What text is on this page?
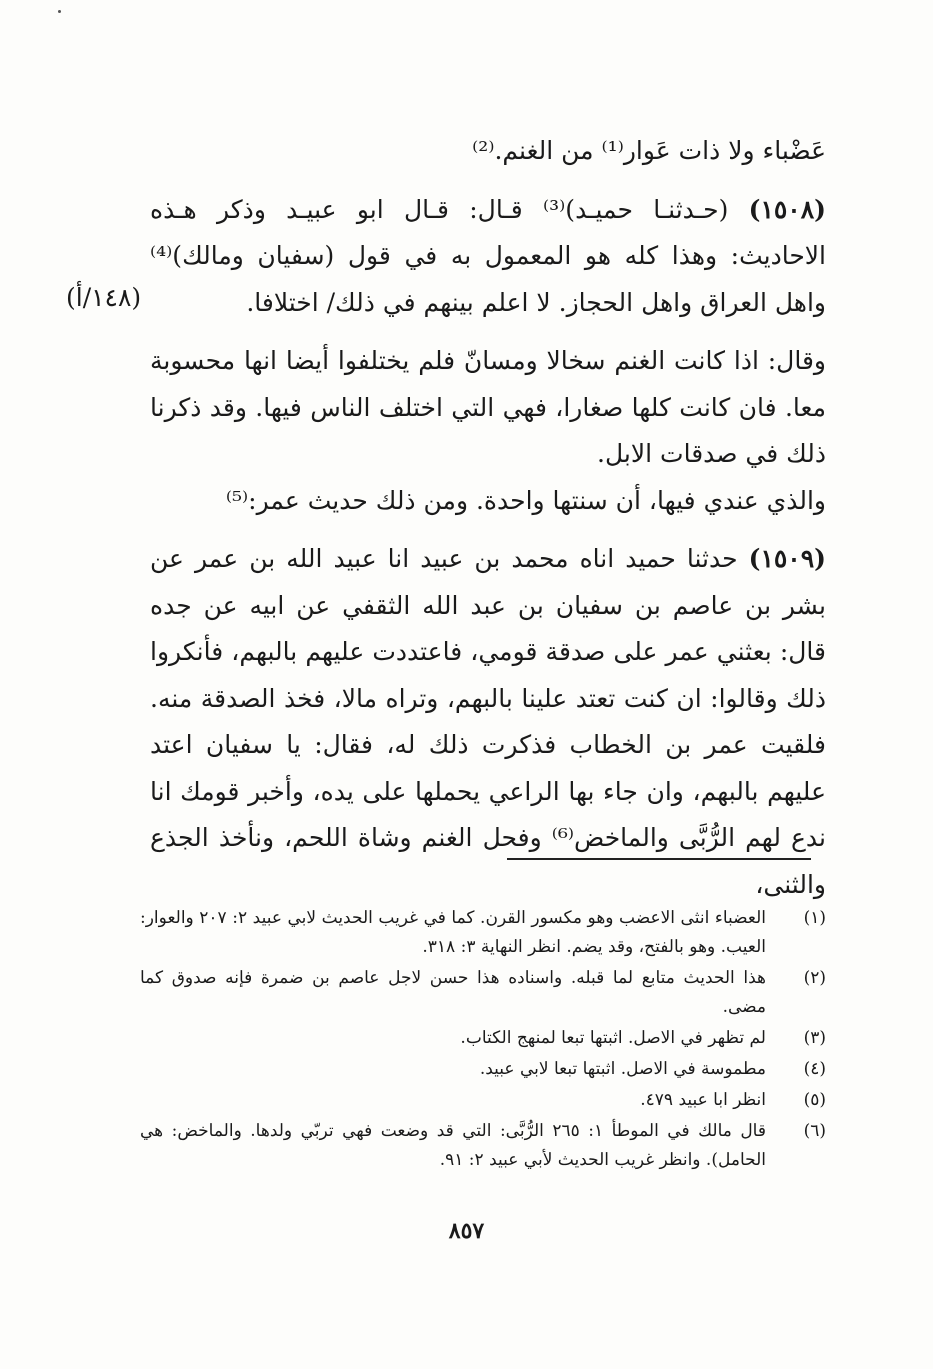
عَضْباء ولا ذات عَوار⁽¹⁾ من الغنم.⁽²⁾

(١٥٠٨) (حـدثنـا حميـد)⁽³⁾ قـال: قـال ابو عبيـد وذكر هـذه الاحاديث: وهذا كله هو المعمول به في قول (سفيان ومالك)⁽⁴⁾ واهل العراق واهل الحجاز. لا اعلم بينهم في ذلك/ اختلافا.

وقال: اذا كانت الغنم سخالا ومسانّ فلم يختلفوا أيضا انها محسوبة معا. فان كانت كلها صغارا، فهي التي اختلف الناس فيها. وقد ذكرنا ذلك في صدقات الابل.

والذي عندي فيها، أن سنتها واحدة. ومن ذلك حديث عمر:⁽⁵⁾

(١٥٠٩) حدثنا حميد اناه محمد بن عبيد انا عبيد الله بن عمر عن بشر بن عاصم بن سفيان بن عبد الله الثقفي عن ابيه عن جده قال: بعثني عمر على صدقة قومي، فاعتددت عليهم بالبهم، فأنكروا ذلك وقالوا: ان كنت تعتد علينا بالبهم، وتراه مالا، فخذ الصدقة منه. فلقيت عمر بن الخطاب فذكرت ذلك له، فقال: يا سفيان اعتد عليهم بالبهم، وان جاء بها الراعي يحملها على يده، وأخبر قومك انا ندع لهم الرُّبَّى والماخض⁽⁶⁾ وفحل الغنم وشاة اللحم، ونأخذ الجذع والثنى،

(١٤٨/أ)
(١)
العضباء انثى الاعضب وهو مكسور القرن. كما في غريب الحديث لابي عبيد ٢: ٢٠٧ والعوار: العيب. وهو بالفتح، وقد يضم. انظر النهاية ٣: ٣١٨.
(٢)
هذا الحديث متابع لما قبله. واسناده هذا حسن لاجل عاصم بن ضمرة فإنه صدوق كما مضى.
(٣)
لم تظهر في الاصل. اثبتها تبعا لمنهج الكتاب.
(٤)
مطموسة في الاصل. اثبتها تبعا لابي عبيد.
(٥)
انظر ابا عبيد ٤٧٩.
(٦)
قال مالك في الموطأ ١: ٢٦٥ الرُّبَّى: التي قد وضعت فهي تربّي ولدها. والماخض: هي الحامل). وانظر غريب الحديث لأبي عبيد ٢: ٩١.
٨٥٧
